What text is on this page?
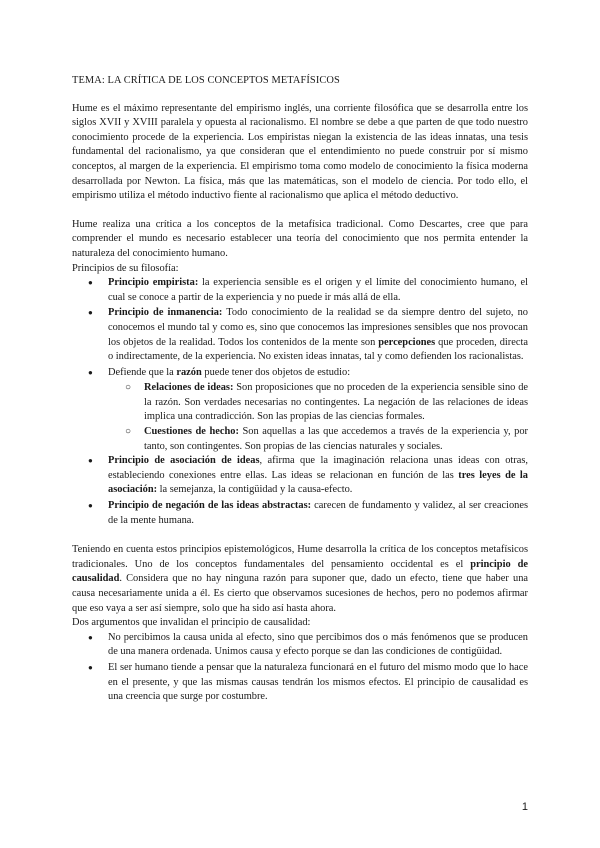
TEMA: LA CRÍTICA DE LOS CONCEPTOS METAFÍSICOS

Hume es el máximo representante del empirismo inglés, una corriente filosófica que se desarrolla entre los siglos XVII y XVIII paralela y opuesta al racionalismo. El nombre se debe a que parten de que todo nuestro conocimiento procede de la experiencia. Los empiristas niegan la existencia de las ideas innatas, una tesis fundamental del racionalismo, ya que consideran que el entendimiento no puede construir por sí mismo conceptos, al margen de la experiencia. El empirismo toma como modelo de conocimiento la física moderna desarrollada por Newton. La física, más que las matemáticas, son el modelo de ciencia. Por todo ello, el empirismo utiliza el método inductivo fiente al racionalismo que aplica el método deductivo.

Hume realiza una crítica a los conceptos de la metafísica tradicional. Como Descartes, cree que para comprender el mundo es necesario establecer una teoría del conocimiento que nos permita entender la naturaleza del conocimiento humano.

Principios de su filosofía:

● Principio empirista: la experiencia sensible es el origen y el límite del conocimiento humano, el cual se conoce a partir de la experiencia y no puede ir más allá de ella.
● Principio de inmanencia: Todo conocimiento de la realidad se da siempre dentro del sujeto, no conocemos el mundo tal y como es, sino que conocemos las impresiones sensibles que nos provocan los objetos de la realidad. Todos los contenidos de la mente son percepciones que proceden, directa o indirectamente, de la experiencia. No existen ideas innatas, tal y como defienden los racionalistas.
● Defiende que la razón puede tener dos objetos de estudio:
○ Relaciones de ideas: Son proposiciones que no proceden de la experiencia sensible sino de la razón. Son verdades necesarias no contingentes. La negación de las relaciones de ideas implica una contradicción. Son las propias de las ciencias formales.
○ Cuestiones de hecho: Son aquellas a las que accedemos a través de la experiencia y, por tanto, son contingentes. Son propias de las ciencias naturales y sociales.
● Principio de asociación de ideas, afirma que la imaginación relaciona unas ideas con otras, estableciendo conexiones entre ellas. Las ideas se relacionan en función de las tres leyes de la asociación: la semejanza, la contigüidad y la causa-efecto.
● Principio de negación de las ideas abstractas: carecen de fundamento y validez, al ser creaciones de la mente humana.

Teniendo en cuenta estos principios epistemológicos, Hume desarrolla la crítica de los conceptos metafísicos tradicionales. Uno de los conceptos fundamentales del pensamiento occidental es el principio de causalidad. Considera que no hay ninguna razón para suponer que, dado un efecto, tiene que haber una causa necesariamente unida a él. Es cierto que observamos sucesiones de hechos, pero no podemos afirmar que eso vaya a ser así siempre, solo que ha sido así hasta ahora.

Dos argumentos que invalidan el principio de causalidad:

● No percibimos la causa unida al efecto, sino que percibimos dos o más fenómenos que se producen de una manera ordenada. Unimos causa y efecto porque se dan las condiciones de contigüidad.
● El ser humano tiende a pensar que la naturaleza funcionará en el futuro del mismo modo que lo hace en el presente, y que las mismas causas tendrán los mismos efectos. El principio de causalidad es una creencia que surge por costumbre.
1
